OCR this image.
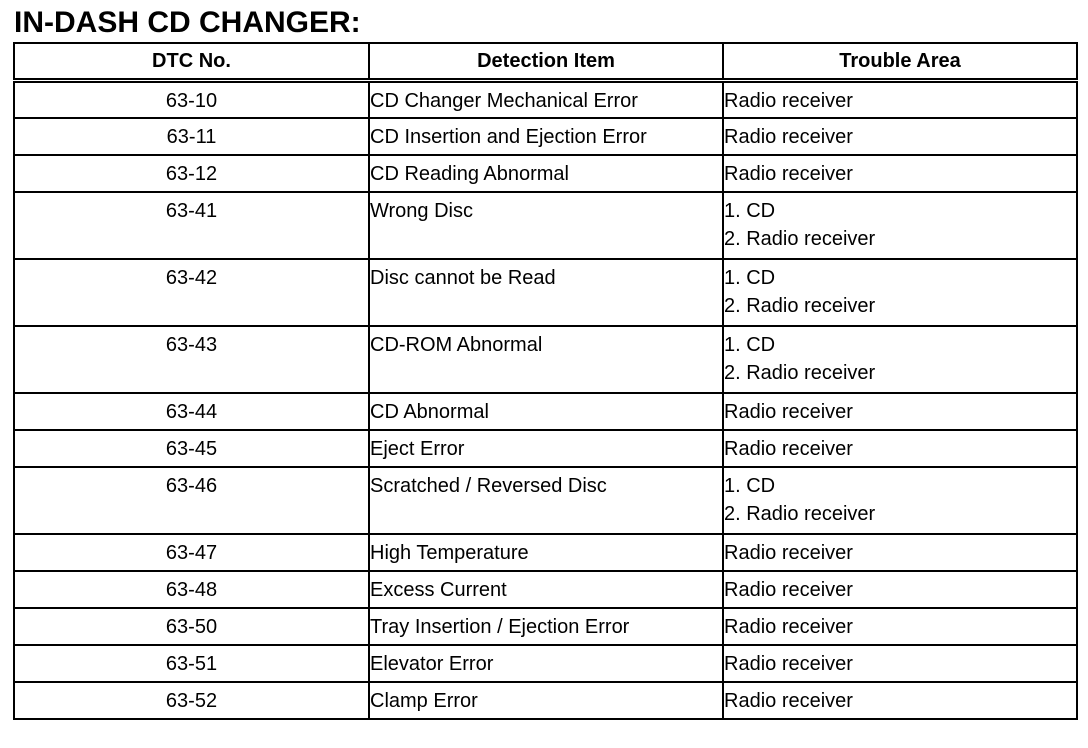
IN-DASH CD CHANGER:
DTC No.	Detection Item	Trouble Area
63-10	CD Changer Mechanical Error	Radio receiver

63-11	CD Insertion and Ejection Error	Radio receiver

63-12	CD Reading Abnormal	Radio receiver

63-41	Wrong Disc	1. CD
2. Radio receiver

63-42	Disc cannot be Read	1. CD
2. Radio receiver

63-43	CD-ROM Abnormal	1. CD
2. Radio receiver

63-44	CD Abnormal	Radio receiver

63-45	Eject Error	Radio receiver

63-46	Scratched / Reversed Disc	1. CD
2. Radio receiver

63-47	High Temperature	Radio receiver

63-48	Excess Current	Radio receiver

63-50	Tray Insertion / Ejection Error	Radio receiver

63-51	Elevator Error	Radio receiver

63-52	Clamp Error	Radio receiver
